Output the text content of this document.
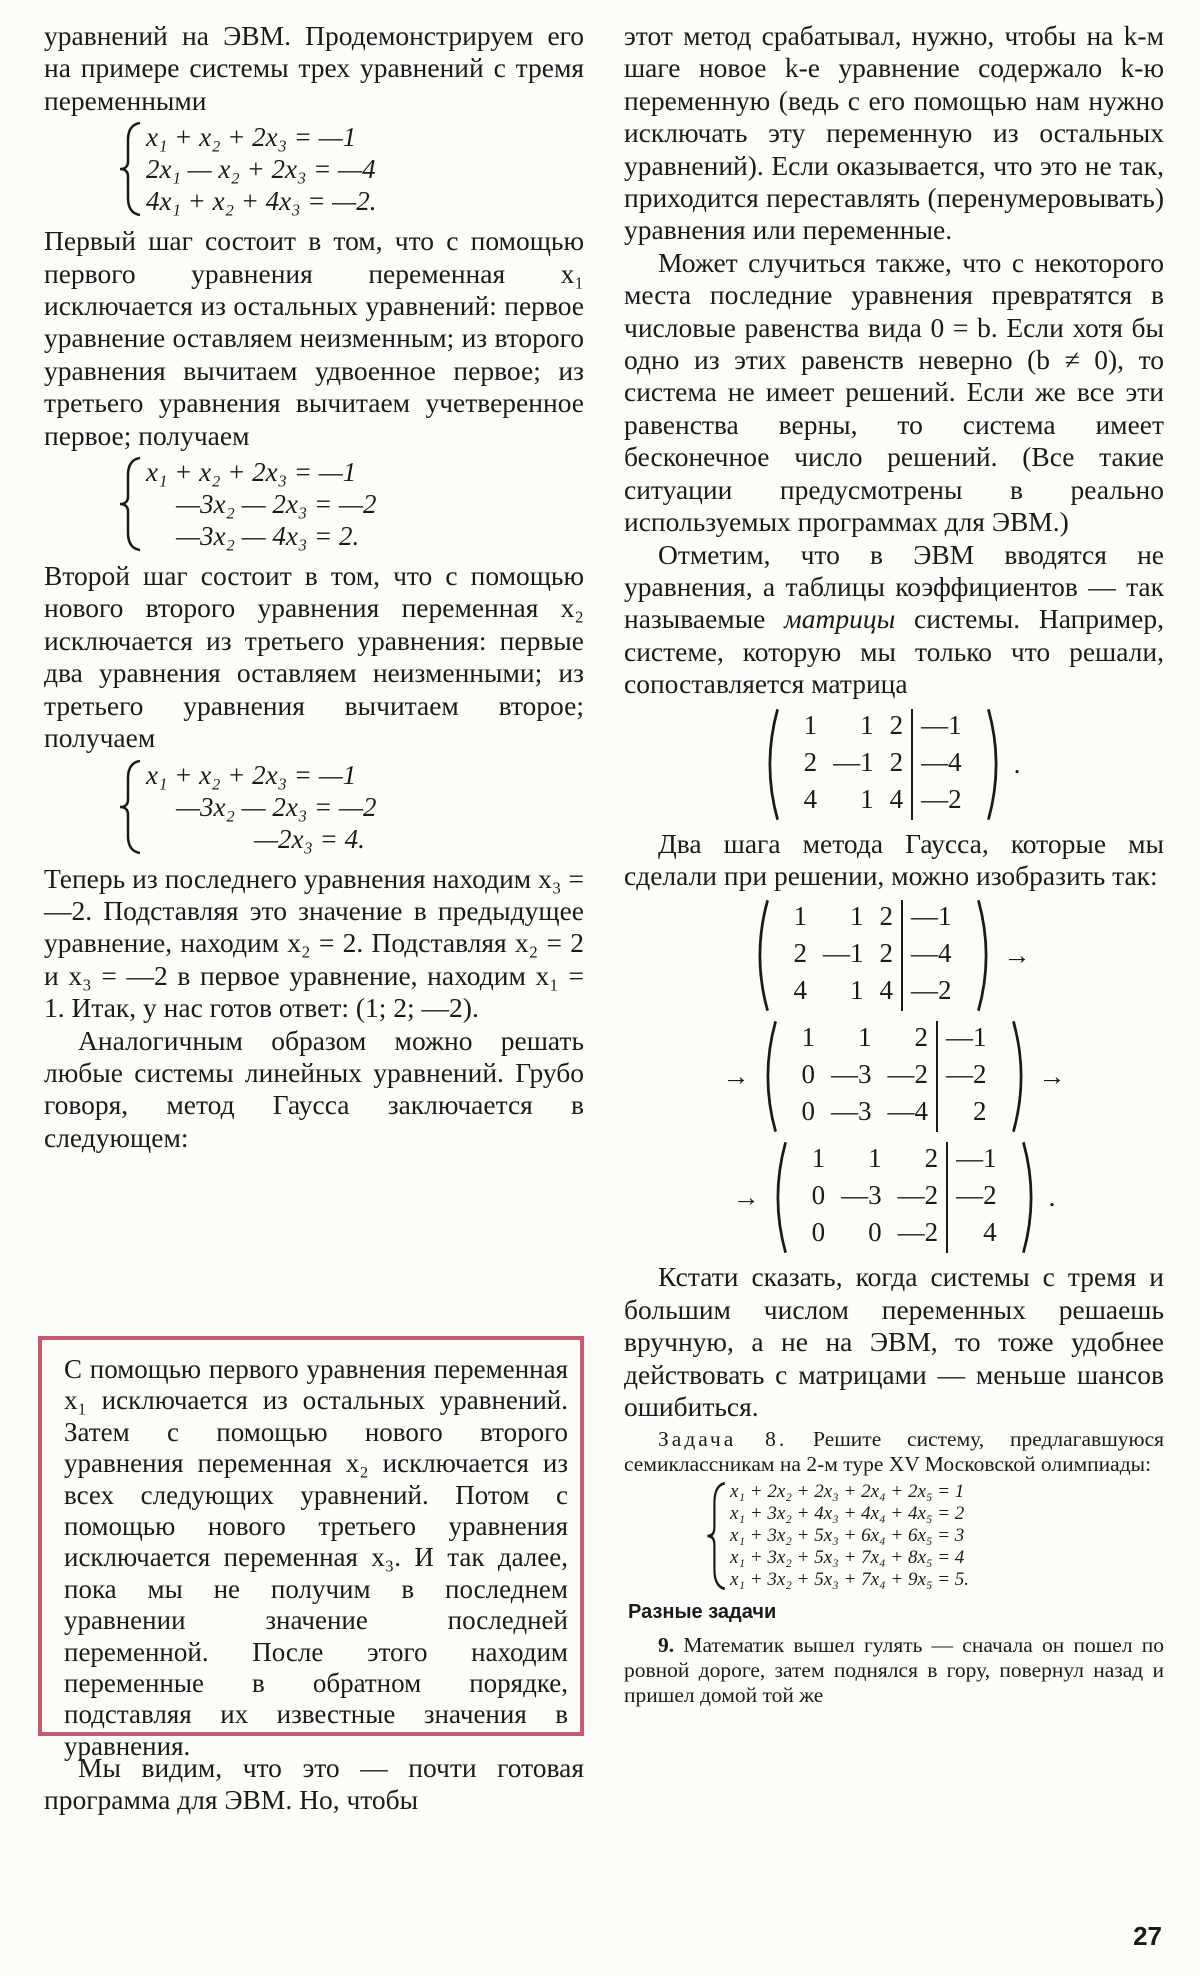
уравнений на ЭВМ. Продемонстрируем его на примере системы трех уравнений с тремя переменными

x₁ + x₂ + 2x₃ = —1
2x₁ — x₂ + 2x₃ = —4
4x₁ + x₂ + 4x₃ = —2.

Первый шаг состоит в том, что с помощью первого уравнения переменная x₁ исключается из остальных уравнений: первое уравнение оставляем неизменным; из второго уравнения вычитаем удвоенное первое; из третьего уравнения вычитаем учетверенное первое; получаем

x₁ + x₂ + 2x₃ = —1
—3x₂ — 2x₃ = —2
—3x₂ — 4x₃ = 2.

Второй шаг состоит в том, что с помощью нового второго уравнения переменная x₂ исключается из третьего уравнения: первые два уравнения оставляем неизменными; из третьего уравнения вычитаем второе; получаем

x₁ + x₂ + 2x₃ = —1
—3x₂ — 2x₃ = —2
—2x₃ = 4.

Теперь из последнего уравнения находим x₃ = —2. Подставляя это значение в предыдущее уравнение, находим x₂ = 2. Подставляя x₂ = 2 и x₃ = —2 в первое уравнение, находим x₁ = 1. Итак, у нас готов ответ: (1; 2; —2).

Аналогичным образом можно решать любые системы линейных уравнений. Грубо говоря, метод Гаусса заключается в следующем:

С помощью первого уравнения переменная x₁ исключается из остальных уравнений. Затем с помощью нового второго уравнения переменная x₂ исключается из всех следующих уравнений. Потом с помощью нового третьего уравнения исключается переменная x₃. И так далее, пока мы не получим в последнем уравнении значение последней переменной. После этого находим переменные в обратном порядке, подставляя их известные значения в уравнения.

Мы видим, что это — почти готовая программа для ЭВМ. Но, чтобы

этот метод срабатывал, нужно, чтобы на k-м шаге новое k-е уравнение содержало k-ю переменную (ведь с его помощью нам нужно исключать эту переменную из остальных уравнений). Если оказывается, что это не так, приходится переставлять (перенумеровывать) уравнения или переменные.

Может случиться также, что с некоторого места последние уравнения превратятся в числовые равенства вида 0 = b. Если хотя бы одно из этих равенств неверно (b ≠ 0), то система не имеет решений. Если же все эти равенства верны, то система имеет бесконечное число решений. (Все такие ситуации предусмотрены в реально используемых программах для ЭВМ.)

Отметим, что в ЭВМ вводятся не уравнения, а таблицы коэффициентов — так называемые матрицы системы. Например, системе, которую мы только что решали, сопоставляется матрица

1	1 2 —1
2 —1 2 —4
4	1 4 —2
.

Два шага метода Гаусса, которые мы сделали при решении, можно изобразить так:

1	1 2 —1
2 —1 2 —4
4	1 4 —2
→
→
1	1	2 —1
0 —3 —2 —2
0 —3 —4	2
→
→
1	1	2 —1
0 —3 —2 —2
0	0 —2	4
.

Кстати сказать, когда системы с тремя и большим числом переменных решаешь вручную, а не на ЭВМ, то тоже удобнее действовать с матрицами — меньше шансов ошибиться.

Задача 8. Решите систему, предлагавшуюся семиклассникам на 2-м туре XV Московской олимпиады:

x₁ + 2x₂ + 2x₃ + 2x₄ + 2x₅ = 1
x₁ + 3x₂ + 4x₃ + 4x₄ + 4x₅ = 2
x₁ + 3x₂ + 5x₃ + 6x₄ + 6x₅ = 3
x₁ + 3x₂ + 5x₃ + 7x₄ + 8x₅ = 4
x₁ + 3x₂ + 5x₃ + 7x₄ + 9x₅ = 5.
Разные задачи

9. Математик вышел гулять — сначала он пошел по ровной дороге, затем поднялся в гору, повернул назад и пришел домой той же

27
